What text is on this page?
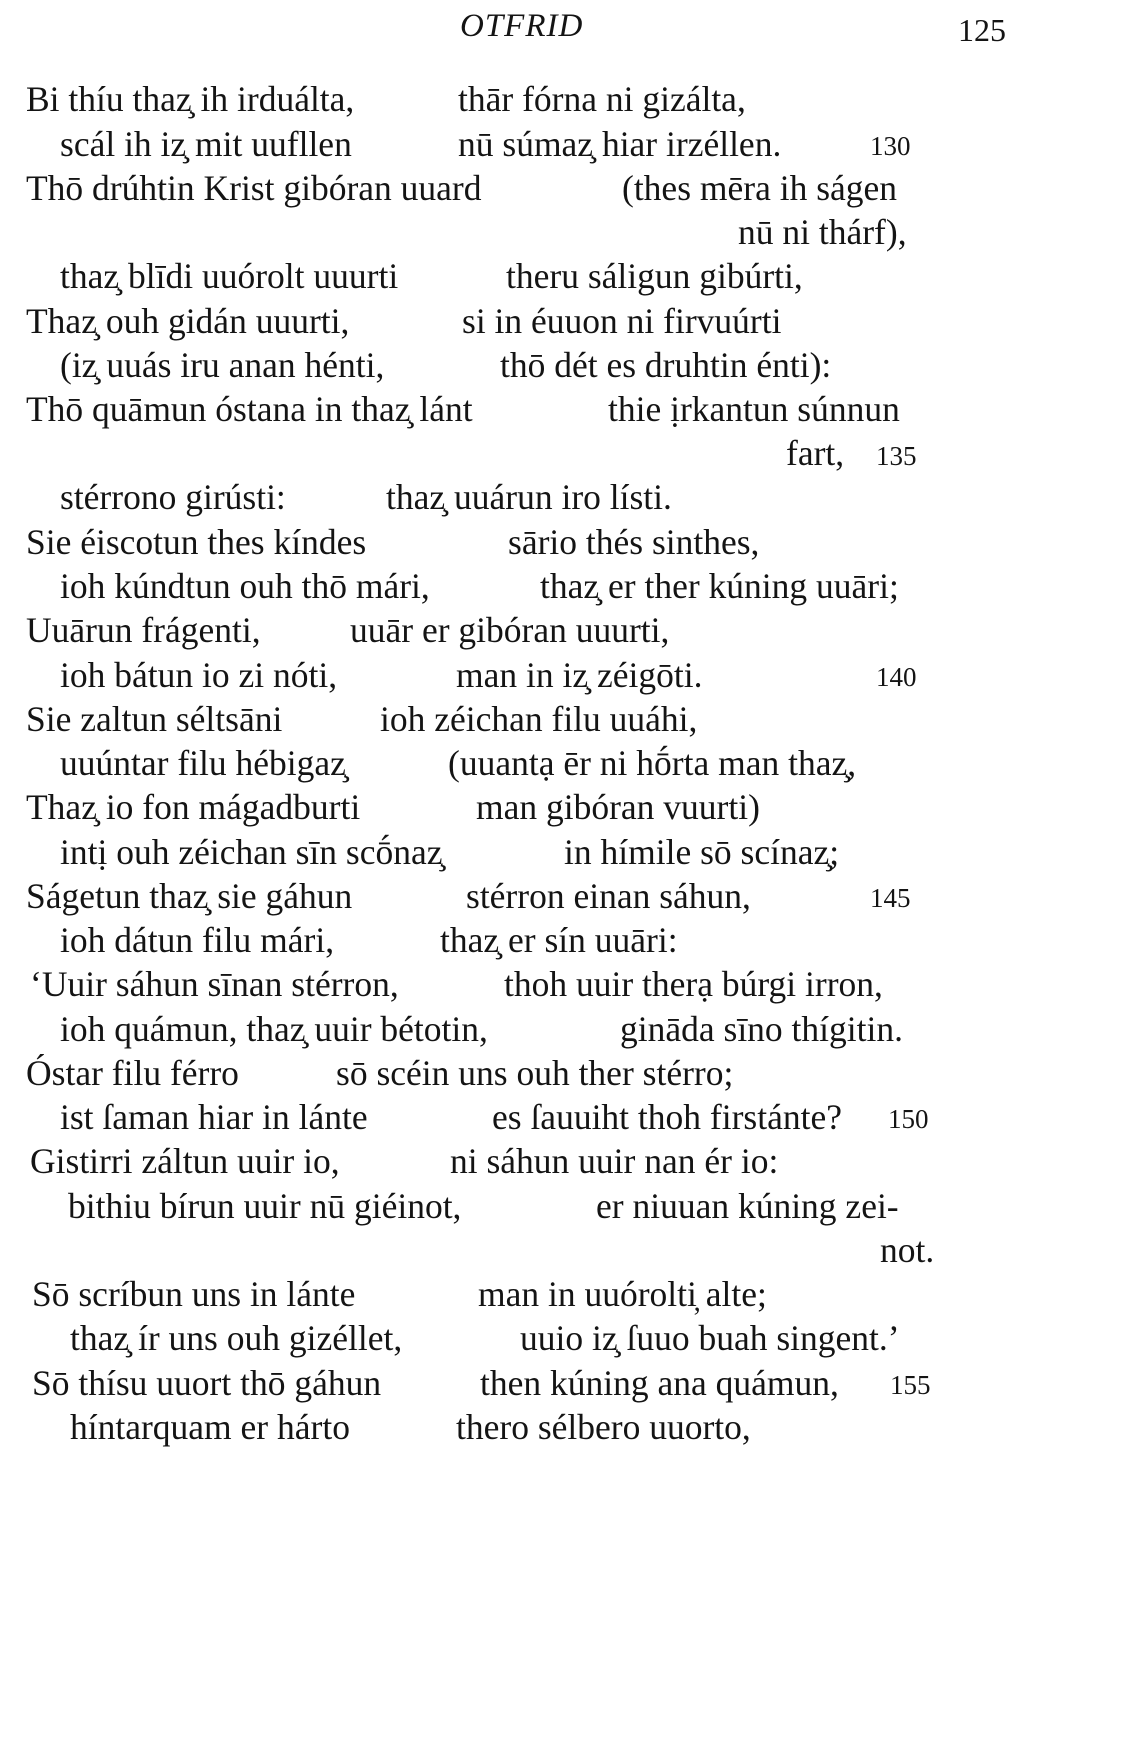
OTFRID	125
Bi thíu thaz̧ ih irduálta,	thār fórna ni gizálta,
scál ih iz̧ mit uufllen	nū súmaz̧ hiar irzéllen.	130
Thō drúhtin Krist gibóran uuard	(thes mēra ih ságen
nū ni thárf),
thaz̧ blīdi uuórolt uuurti	theru sáligun gibúrti,
Thaz̧ ouh gidán uuurti,	si in éuuon ni firvuúrti
(iz̧ uuás iru anan hénti,	thō dét es druhtin énti):
Thō quāmun óstana in thaz̧ lánt	thie ịrkantun súnnun
fart, 135
stérrono girústi:	thaz̧ uuárun iro lísti.
Sie éiscotun thes kíndes	sārio thés sinthes,
ioh kúndtun ouh thō mári,	thaz̧ er ther kúning uuāri;
Uuārun frágenti,	uuār er gibóran uuurti,
ioh bátun io zi nóti,	man in iz̧ zéigōti.	140
Sie zaltun séltsāni	ioh zéichan filu uuáhi,
uuúntar filu hébigaz̧	(uuantạ ēr ni hṓrta man thaz̧,
Thaz̧ io fon mágadburti	man gibóran vuurti)
intị ouh zéichan sīn scṓnaz̧	in hímile sō scínaz̧;
Ságetun thaz̧ sie gáhun	stérron einan sáhun,	145
ioh dátun filu mári,	thaz̧ er sín uuāri:
‘Uuir sáhun sīnan stérron,	thoh uuir therạ búrgi irron,
ioh quámun, thaz̧ uuir bétotin,	gināda sīno thígitin.
Óstar filu férro	sō scéin uns ouh ther stérro;
ist ſaman hiar in lánte	es ſauuiht thoh firstánte? 150
Gistirri záltun uuir io,	ni sáhun uuir nan ér io:
bithiu bírun uuir nū giéinot,	er niuuan kúning zei-
not.
Sō scríbun uns in lánte	man in uuórolti̦ alte;
thaz̧ ír uns ouh gizéllet,	uuio iz̧ ſuuo buah singent.’
Sō thísu uuort thō gáhun	then kúning ana quámun, 155
híntarquam er hárto	thero sélbero uuorto,
